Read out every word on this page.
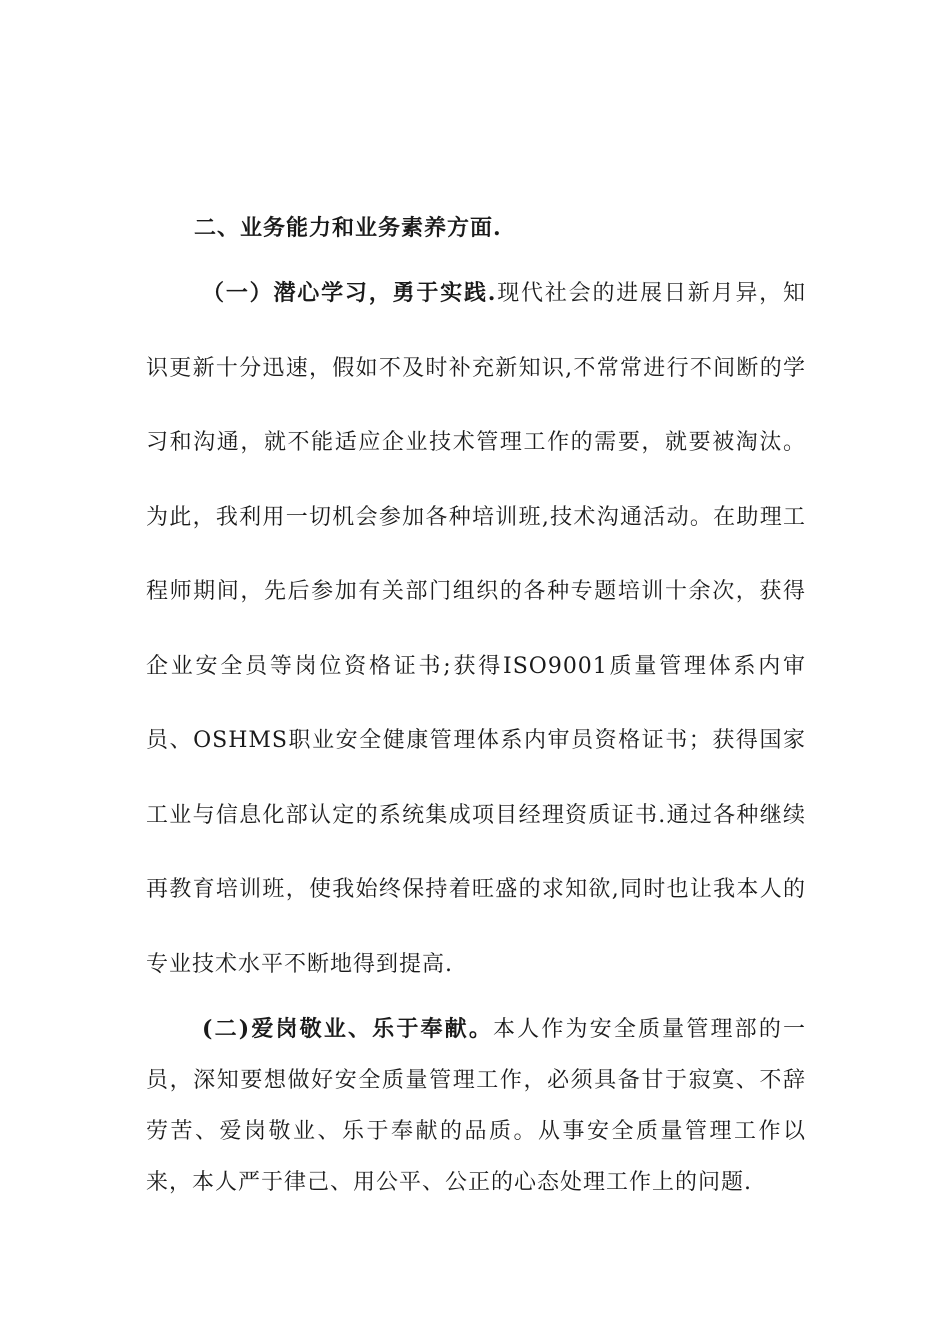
二、业务能力和业务素养方面.

（一）潜心学习，勇于实践.现代社会的进展日新月异，知识更新十分迅速，假如不及时补充新知识,不常常进行不间断的学习和沟通，就不能适应企业技术管理工作的需要，就要被淘汰。为此，我利用一切机会参加各种培训班,技术沟通活动。在助理工程师期间，先后参加有关部门组织的各种专题培训十余次，获得企业安全员等岗位资格证书;获得ISO9001质量管理体系内审员、OSHMS职业安全健康管理体系内审员资格证书；获得国家工业与信息化部认定的系统集成项目经理资质证书.通过各种继续再教育培训班，使我始终保持着旺盛的求知欲,同时也让我本人的专业技术水平不断地得到提高.

(二)爱岗敬业、乐于奉献。本人作为安全质量管理部的一员，深知要想做好安全质量管理工作，必须具备甘于寂寞、不辞劳苦、爱岗敬业、乐于奉献的品质。从事安全质量管理工作以来，本人严于律己、用公平、公正的心态处理工作上的问题.
